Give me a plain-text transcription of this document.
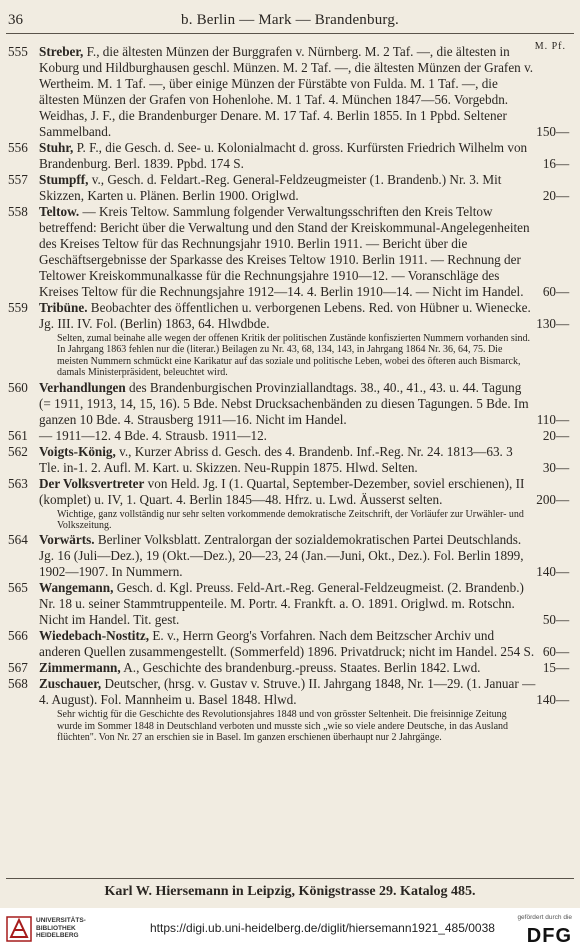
36	b. Berlin — Mark — Brandenburg.
M. Pf.
555 Streber, F., die ältesten Münzen der Burggrafen v. Nürnberg. M. 2 Taf. —, die ältesten in Koburg und Hildburghausen geschl. Münzen. M. 2 Taf. —, die ältesten Münzen der Grafen v. Wertheim. M. 1 Taf. —, über einige Münzen der Fürstäbte von Fulda. M. 1 Taf. —, die ältesten Münzen der Grafen von Hohenlohe. M. 1 Taf. 4. München 1847—56. Vorgebdn. Weidhas, J. F., die Brandenburger Denare. M. 17 Taf. 4. Berlin 1855. In 1 Ppbd. Seltener Sammelband.	150—
556 Stuhr, P. F., die Gesch. d. See- u. Kolonialmacht d. gross. Kurfürsten Friedrich Wilhelm von Brandenburg. Berl. 1839. Ppbd. 174 S.	16—
557 Stumpff, v., Gesch. d. Feldart.-Reg. General-Feldzeugmeister (1. Brandenb.) Nr. 3. Mit Skizzen, Karten u. Plänen. Berlin 1900. Origlwd.	20—
558 Teltow. — Kreis Teltow. Sammlung folgender Verwaltungsschriften den Kreis Teltow betreffend: Bericht über die Verwaltung und den Stand der Kreiskommunal-Angelegenheiten des Kreises Teltow für das Rechnungsjahr 1910. Berlin 1911. — Bericht über die Geschäftsergebnisse der Sparkasse des Kreises Teltow 1910. Berlin 1911. — Rechnung der Teltower Kreiskommunalkasse für die Rechnungsjahre 1910—12. — Voranschläge des Kreises Teltow für die Rechnungsjahre 1912—14. 4. Berlin 1910—14. — Nicht im Handel.	60—
559 Tribüne. Beobachter des öffentlichen u. verborgenen Lebens. Red. von Hübner u. Wienecke. Jg. III. IV. Fol. (Berlin) 1863, 64. Hlwdbde.	130—
Selten, zumal beinahe alle wegen der offenen Kritik der politischen Zustände konfiszierten Nummern vorhanden sind. In Jahrgang 1863 fehlen nur die (literar.) Beilagen zu Nr. 43, 68, 134, 143, in Jahrgang 1864 Nr. 36, 64, 75. Die meisten Nummern schmückt eine Karikatur auf das soziale und politische Leben, wobei des öfteren auch Bismarck, damals Ministerpräsident, beleuchtet wird.
560 Verhandlungen des Brandenburgischen Provinziallandtags. 38., 40., 41., 43. u. 44. Tagung (= 1911, 1913, 14, 15, 16). 5 Bde. Nebst Drucksachenbänden zu diesen Tagungen. 5 Bde. Im ganzen 10 Bde. 4. Strausberg 1911—16. Nicht im Handel.	110—
561 — 1911—12. 4 Bde. 4. Strausb. 1911—12.	20—
562 Voigts-König, v., Kurzer Abriss d. Gesch. des 4. Brandenb. Inf.-Reg. Nr. 24. 1813—63. 3 Tle. in-1. 2. Aufl. M. Kart. u. Skizzen. Neu-Ruppin 1875. Hlwd. Selten.	30—
563 Der Volksvertreter von Held. Jg. I (1. Quartal, September-Dezember, soviel erschienen), II (komplet) u. IV, 1. Quart. 4. Berlin 1845—48. Hfrz. u. Lwd. Äusserst selten.	200—
Wichtige, ganz vollständig nur sehr selten vorkommende demokratische Zeitschrift, der Vorläufer zur Urwähler- und Volkszeitung.
564 Vorwärts. Berliner Volksblatt. Zentralorgan der sozialdemokratischen Partei Deutschlands. Jg. 16 (Juli—Dez.), 19 (Okt.—Dez.), 20—23, 24 (Jan.—Juni, Okt., Dez.). Fol. Berlin 1899, 1902—1907. In Nummern.	140—
565 Wangemann, Gesch. d. Kgl. Preuss. Feld-Art.-Reg. General-Feldzeugmeist. (2. Brandenb.) Nr. 18 u. seiner Stammtruppenteile. M. Portr. 4. Frankft. a. O. 1891. Origlwd. m. Rotschn. Nicht im Handel. Tit. gest.	50—
566 Wiedebach-Nostitz, E. v., Herrn Georg's Vorfahren. Nach dem Beitzscher Archiv und anderen Quellen zusammengestellt. (Sommerfeld) 1896. Privatdruck; nicht im Handel. 254 S. 60—
567 Zimmermann, A., Geschichte des brandenburg.-preuss. Staates. Berlin 1842. Lwd.	15—
568 Zuschauer, Deutscher, (hrsg. v. Gustav v. Struve.) II. Jahrgang 1848, Nr. 1—29. (1. Januar — 4. August). Fol. Mannheim u. Basel 1848. Hlwd.	140—
Sehr wichtig für die Geschichte des Revolutionsjahres 1848 und von grösster Seltenheit. Die freisinnige Zeitung wurde im Sommer 1848 in Deutschland verboten und musste sich „wie so viele andere Deutsche, in das Ausland flüchten". Von Nr. 27 an erschien sie in Basel. Im ganzen erschienen überhaupt nur 2 Jahrgänge.
Karl W. Hiersemann in Leipzig, Königstrasse 29. Katalog 485.
UNIVERSITÄTS-
BIBLIOTHEK
HEIDELBERG
https://digi.ub.uni-heidelberg.de/diglit/hiersemann1921_485/0038
gefördert durch die
DFG
